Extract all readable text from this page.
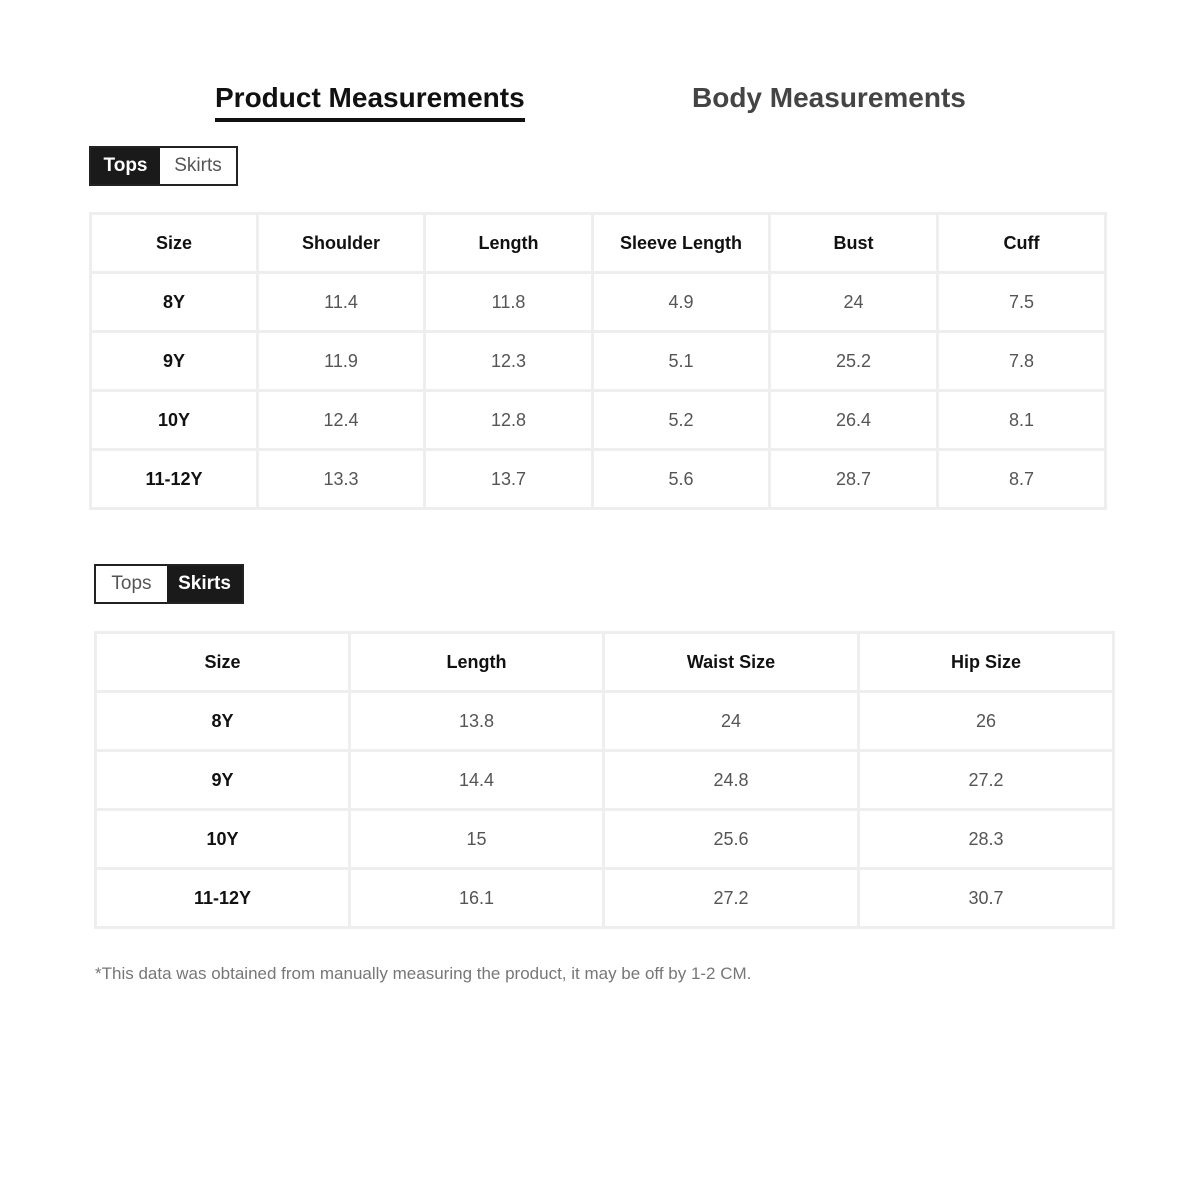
Product Measurements	Body Measurements
Tops	Skirts
Size	Shoulder	Length	Sleeve Length	Bust	Cuff
8Y	11.4	11.8	4.9	24	7.5
9Y	11.9	12.3	5.1	25.2	7.8
10Y	12.4	12.8	5.2	26.4	8.1
11-12Y	13.3	13.7	5.6	28.7	8.7
Tops	Skirts
Size	Length	Waist Size	Hip Size
8Y	13.8	24	26
9Y	14.4	24.8	27.2
10Y	15	25.6	28.3
11-12Y	16.1	27.2	30.7
*This data was obtained from manually measuring the product, it may be off by 1-2 CM.
